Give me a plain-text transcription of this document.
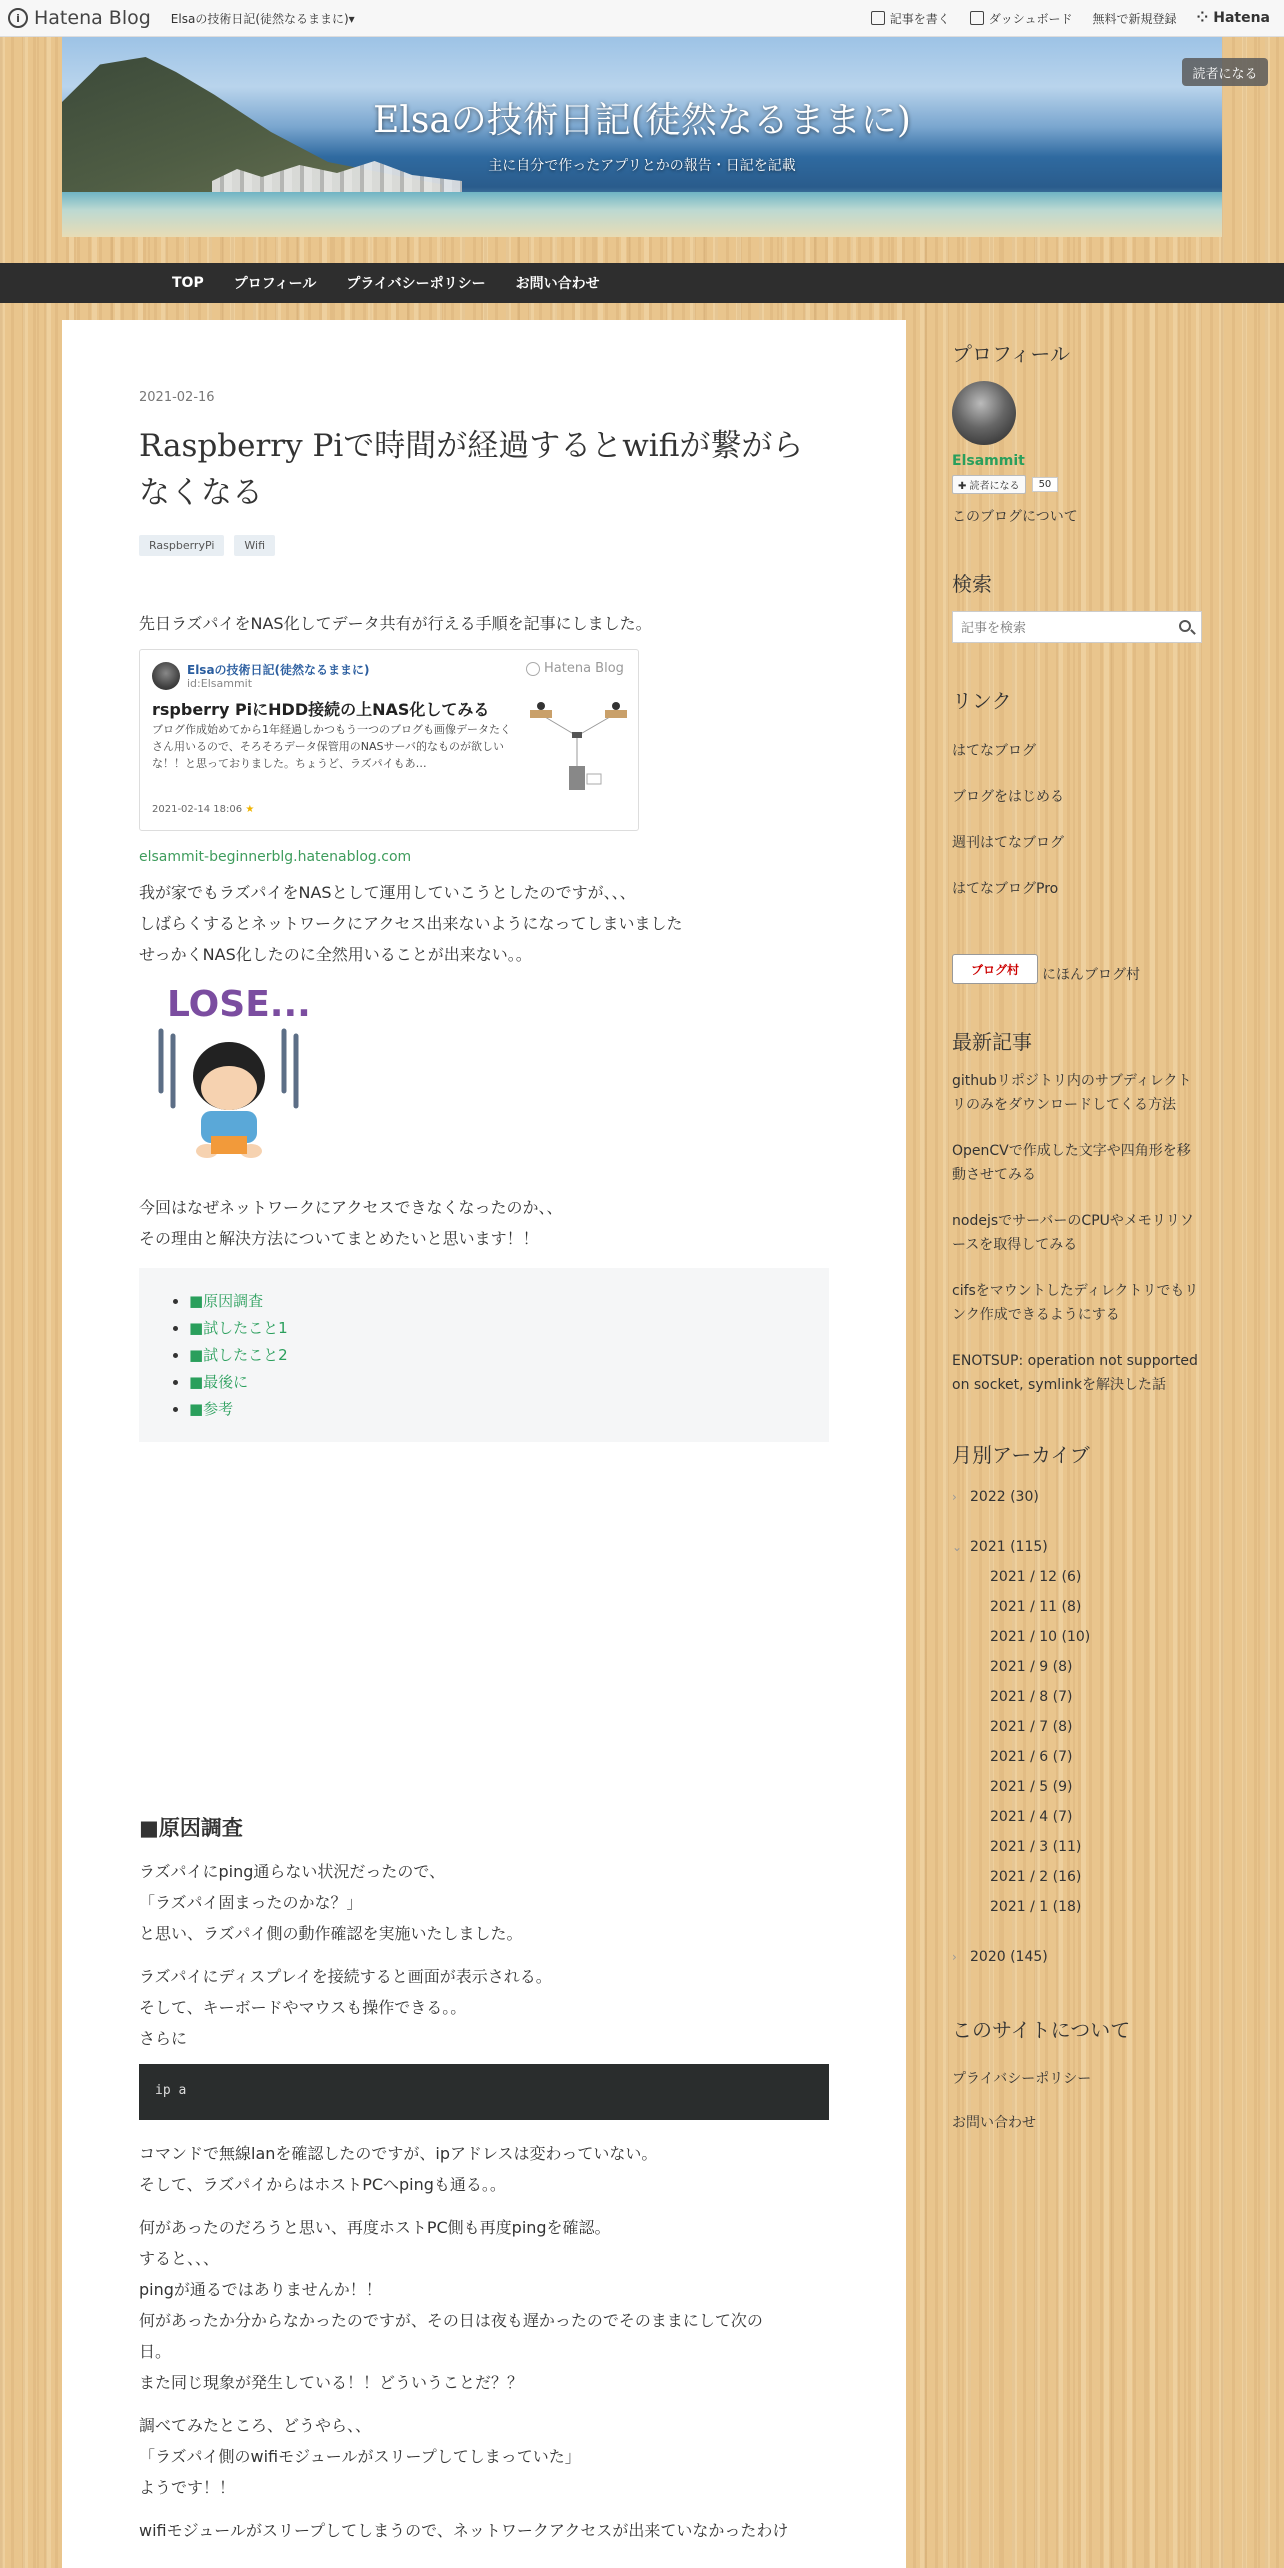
i Hatena Blog Elsaの技術日記(徒然なるままに)▾	記事を書く	ダッシュボード 無料で新規登録 ⁘ Hatena
Elsaの技術日記(徒然なるままに)
主に自分で作ったアプリとかの報告・日記を記載
読者になる
TOP プロフィール プライバシーポリシー お問い合わせ
2021-02-16
Raspberry Piで時間が経過するとwifiが繋がらなくなる
RaspberryPi	Wifi

先日ラズパイをNAS化してデータ共有が行える手順を記事にしました。

Elsaの技術日記(徒然なるままに)
id:Elsammit
Hatena Blog
rspberry PiにHDD接続の上NAS化してみる
ブログ作成始めてから1年経過しかつもう一つのブログも画像データたくさん用いるので、そろそろデータ保管用のNASサーバ的なものが欲しいな！！と思っておりました。ちょうど、ラズパイもあ…
2021-02-14 18:06 ★
elsammit-beginnerblg.hatenablog.com
我が家でもラズパイをNASとして運用していこうとしたのですが、、、
しばらくするとネットワークにアクセス出来ないようになってしまいました
せっかくNAS化したのに全然用いることが出来ない。。
LOSE...
今回はなぜネットワークにアクセスできなくなったのか、、
その理由と解決方法についてまとめたいと思います！！
• ■原因調査
• ■試したこと1
• ■試したこと2
• ■最後に
• ■参考
■原因調査
ラズパイにping通らない状況だったので、
「ラズパイ固まったのかな？」
と思い、ラズパイ側の動作確認を実施いたしました。
ラズパイにディスプレイを接続すると画面が表示される。
そして、キーボードやマウスも操作できる。。
さらに
ip a
コマンドで無線lanを確認したのですが、ipアドレスは変わっていない。
そして、ラズパイからはホストPCへpingも通る。。
何があったのだろうと思い、再度ホストPC側も再度pingを確認。
すると、、、
pingが通るではありませんか！！
何があったか分からなかったのですが、その日は夜も遅かったのでそのままにして次の
日。
また同じ現象が発生している！！どういうことだ？？
調べてみたところ、どうやら、、
「ラズパイ側のwifiモジュールがスリープしてしまっていた」
ようです！！
wifiモジュールがスリープしてしまうので、ネットワークアクセスが出来ていなかったわけ
プロフィール
Elsammit
✚ 読者になる	50
このブログについて
検索
記事を検索
リンク
はてなブログ
ブログをはじめる
週刊はてなブログ
はてなブログPro
ブログ村	にほんブログ村
最新記事
githubリポジトリ内のサブディレクトリのみをダウンロードしてくる方法
OpenCVで作成した文字や四角形を移動させてみる
nodejsでサーバーのCPUやメモリリソースを取得してみる
cifsをマウントしたディレクトリでもリンク作成できるようにする
ENOTSUP: operation not supported on socket, symlinkを解決した話
月別アーカイブ
› 2022 (30)
⌄ 2021 (115)
2021 / 12 (6)
2021 / 11 (8)
2021 / 10 (10)
2021 / 9 (8)
2021 / 8 (7)
2021 / 7 (8)
2021 / 6 (7)
2021 / 5 (9)
2021 / 4 (7)
2021 / 3 (11)
2021 / 2 (16)
2021 / 1 (18)
› 2020 (145)
このサイトについて
プライバシーポリシー
お問い合わせ
